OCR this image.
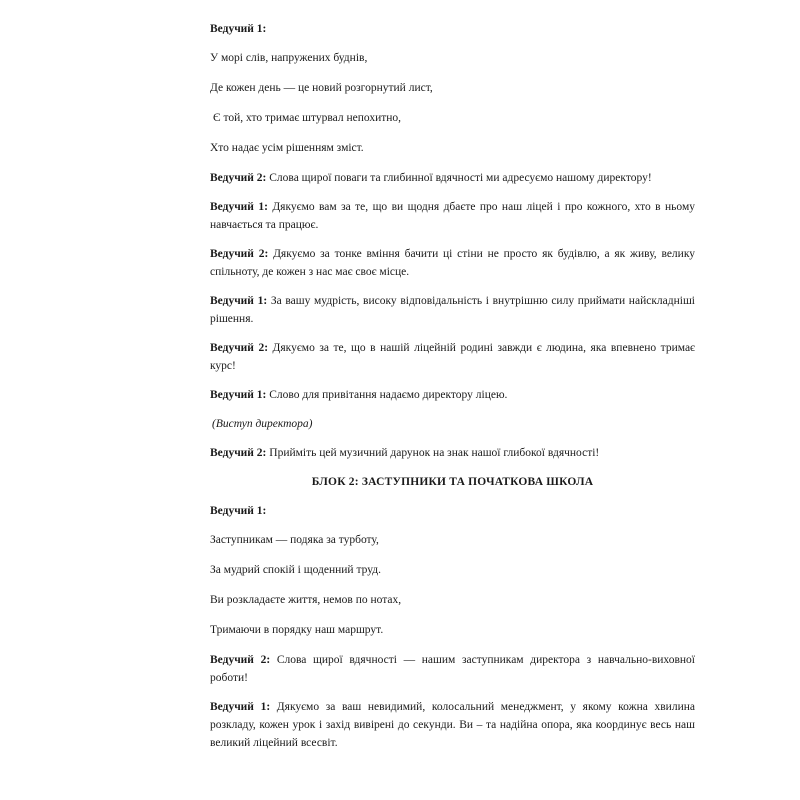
Ведучий 1:

У морі слів, напружених буднів,

Де кожен день — це новий розгорнутий лист,

Є той, хто тримає штурвал непохитно,

Хто надає усім рішенням зміст.

Ведучий 2: Слова щирої поваги та глибинної вдячності ми адресуємо нашому директору!

Ведучий 1: Дякуємо вам за те, що ви щодня дбаєте про наш ліцей і про кожного, хто в ньому навчається та працює.

Ведучий 2: Дякуємо за тонке вміння бачити ці стіни не просто як будівлю, а як живу, велику спільноту, де кожен з нас має своє місце.

Ведучий 1: За вашу мудрість, високу відповідальність і внутрішню силу приймати найскладніші рішення.

Ведучий 2: Дякуємо за те, що в нашій ліцейній родині завжди є людина, яка впевнено тримає курс!

Ведучий 1: Слово для привітання надаємо директору ліцею.

(Виступ директора)

Ведучий 2: Прийміть цей музичний дарунок на знак нашої глибокої вдячності!

БЛОК 2: ЗАСТУПНИКИ ТА ПОЧАТКОВА ШКОЛА

Ведучий 1:

Заступникам — подяка за турботу,

За мудрий спокій і щоденний труд.

Ви розкладаєте життя, немов по нотах,

Тримаючи в порядку наш маршрут.

Ведучий 2: Слова щирої вдячності — нашим заступникам директора з навчально-виховної роботи!

Ведучий 1: Дякуємо за ваш невидимий, колосальний менеджмент, у якому кожна хвилина розкладу, кожен урок і захід вивірені до секунди. Ви – та надійна опора, яка координує весь наш великий ліцейний всесвіт.
